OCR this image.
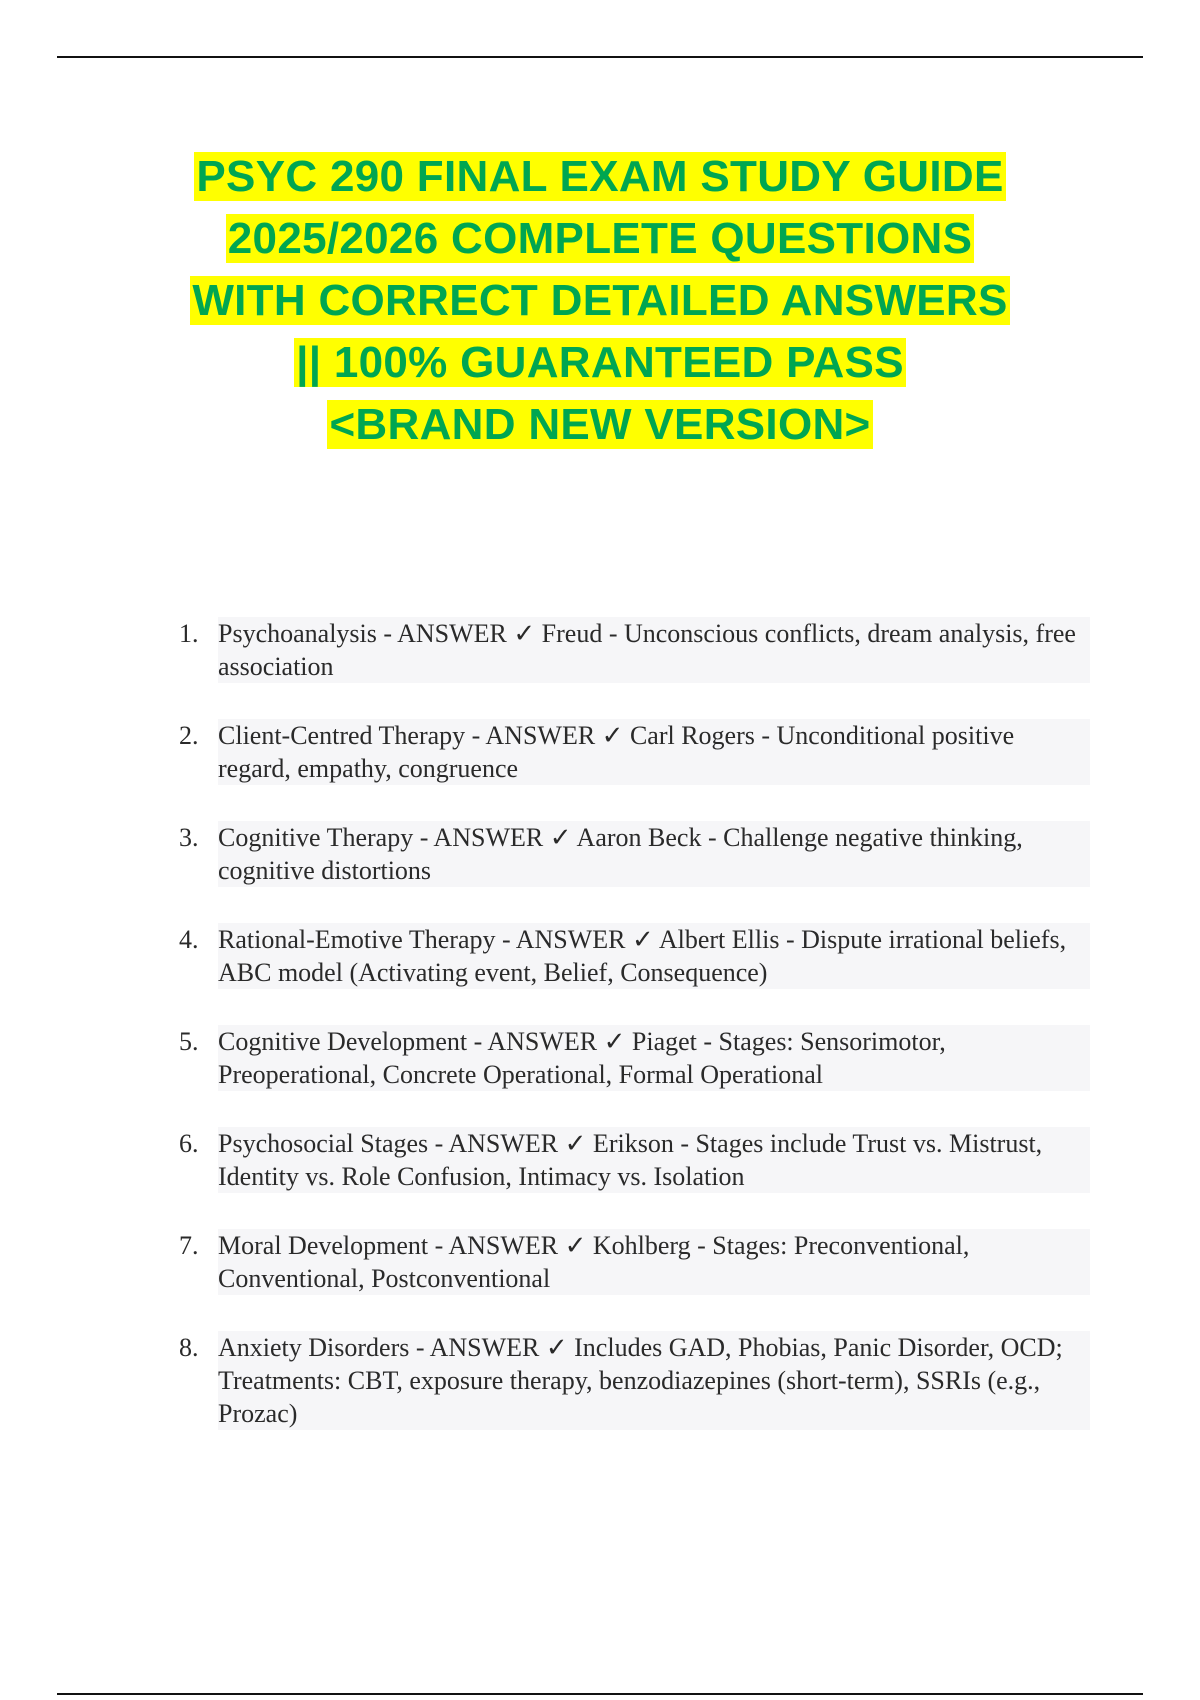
PSYC 290 FINAL EXAM STUDY GUIDE
2025/2026 COMPLETE QUESTIONS
WITH CORRECT DETAILED ANSWERS
|| 100% GUARANTEED PASS
<BRAND NEW VERSION>
1. Psychoanalysis - ANSWER ✓ Freud - Unconscious conflicts, dream analysis, free association
2. Client-Centred Therapy - ANSWER ✓ Carl Rogers - Unconditional positive regard, empathy, congruence
3. Cognitive Therapy - ANSWER ✓ Aaron Beck - Challenge negative thinking, cognitive distortions
4. Rational-Emotive Therapy - ANSWER ✓ Albert Ellis - Dispute irrational beliefs, ABC model (Activating event, Belief, Consequence)
5. Cognitive Development - ANSWER ✓ Piaget - Stages: Sensorimotor, Preoperational, Concrete Operational, Formal Operational
6. Psychosocial Stages - ANSWER ✓ Erikson - Stages include Trust vs. Mistrust, Identity vs. Role Confusion, Intimacy vs. Isolation
7. Moral Development - ANSWER ✓ Kohlberg - Stages: Preconventional, Conventional, Postconventional
8. Anxiety Disorders - ANSWER ✓ Includes GAD, Phobias, Panic Disorder, OCD; Treatments: CBT, exposure therapy, benzodiazepines (short-term), SSRIs (e.g., Prozac)
